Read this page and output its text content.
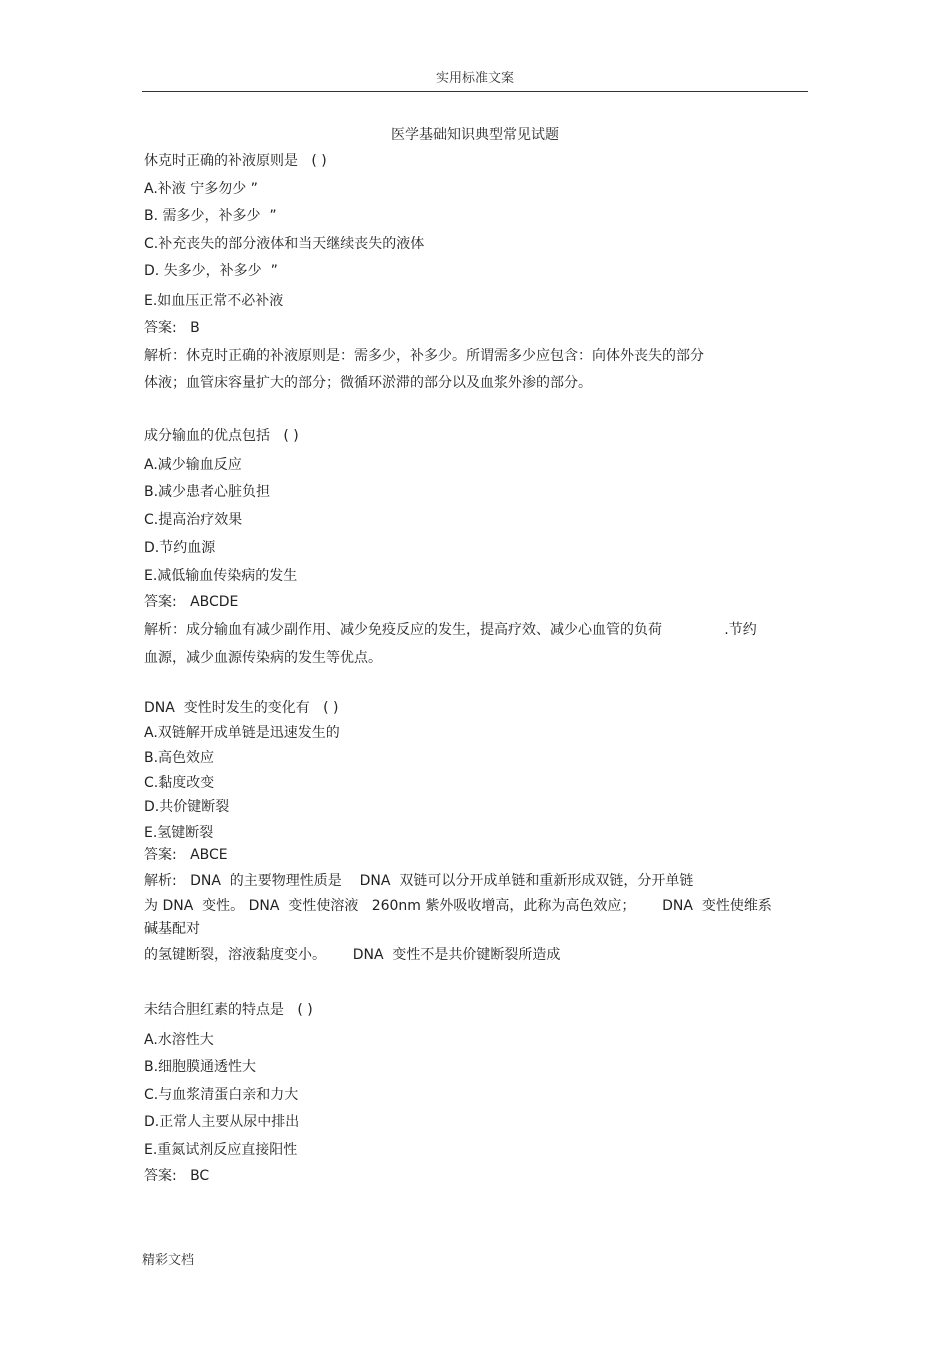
实用标准文案
医学基础知识典型常见试题
休克时正确的补液原则是   ( )
A.补液 宁多勿少 ”
B. 需多少，补多少  ”
C.补充丧失的部分液体和当天继续丧失的液体
D. 失多少，补多少  ”
E.如血压正常不必补液
答案:   B
解析：休克时正确的补液原则是：需多少，补多少。所谓需多少应包含：向体外丧失的部分
体液；血管床容量扩大的部分；微循环淤滞的部分以及血浆外渗的部分。
成分输血的优点包括   ( )
A.减少输血反应
B.减少患者心脏负担
C.提高治疗效果
D.节约血源
E.减低输血传染病的发生
答案:   ABCDE
解析：成分输血有减少副作用、减少免疫反应的发生，提高疗效、减少心血管的负荷              .节约
血源，减少血源传染病的发生等优点。
DNA  变性时发生的变化有   ( )
A.双链解开成单链是迅速发生的
B.高色效应
C.黏度改变
D.共价键断裂
E.氢键断裂
答案:   ABCE
解析:   DNA  的主要物理性质是    DNA  双链可以分开成单链和重新形成双链，分开单链
为 DNA  变性。 DNA  变性使溶液   260nm 紫外吸收增高，此称为高色效应；      DNA  变性使维系
碱基配对
的氢键断裂，溶液黏度变小。      DNA  变性不是共价键断裂所造成
未结合胆红素的特点是   ( )
A.水溶性大
B.细胞膜通透性大
C.与血浆清蛋白亲和力大
D.正常人主要从尿中排出
E.重氮试剂反应直接阳性
答案:   BC
精彩文档
